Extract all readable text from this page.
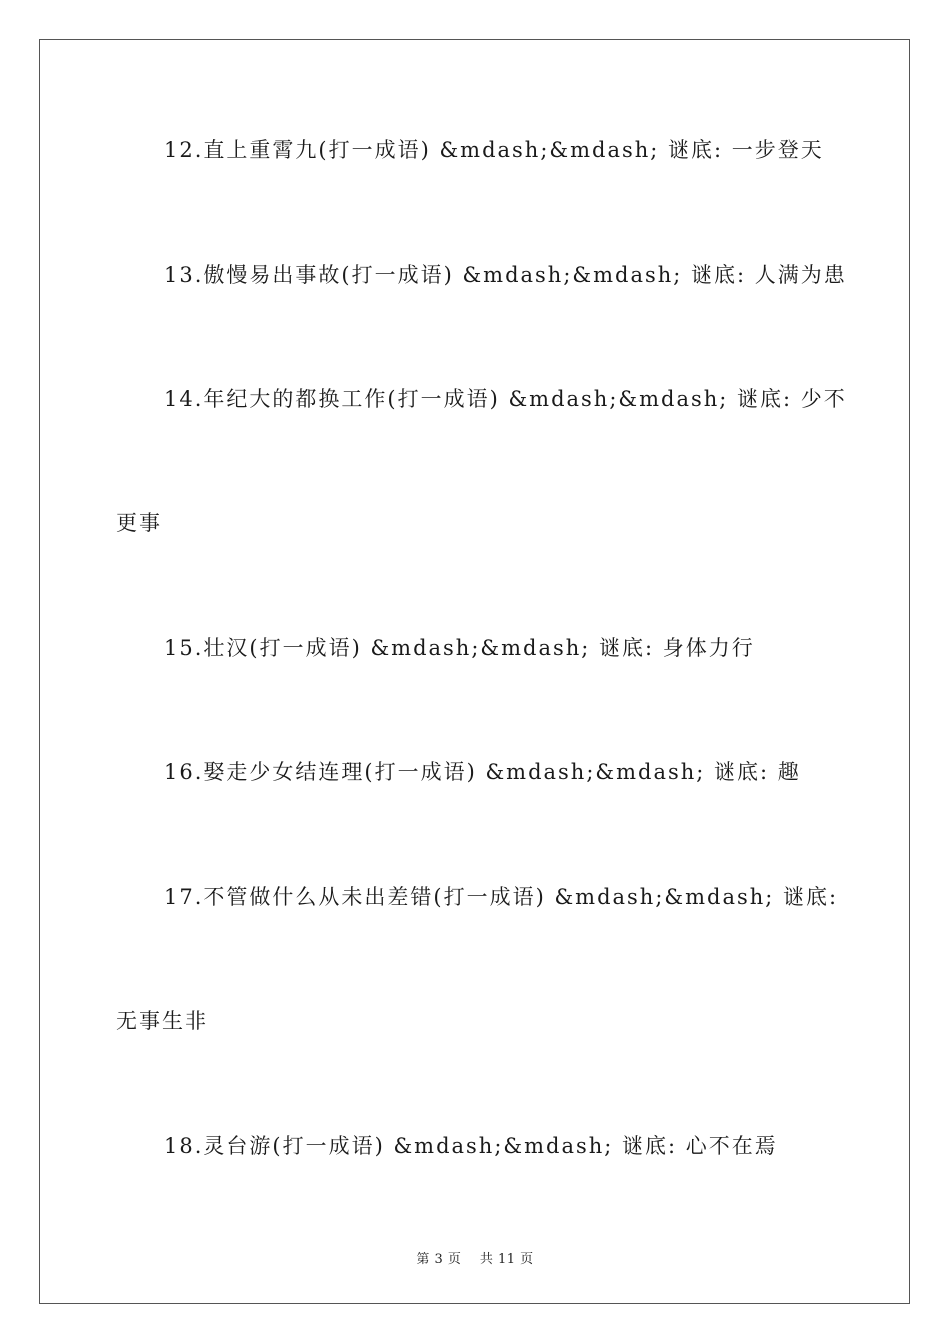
12.直上重霄九(打一成语) &mdash;&mdash; 谜底: 一步登天
13.傲慢易出事故(打一成语) &mdash;&mdash; 谜底: 人满为患
14.年纪大的都换工作(打一成语) &mdash;&mdash; 谜底: 少不
更事
15.壮汉(打一成语) &mdash;&mdash; 谜底: 身体力行
16.娶走少女结连理(打一成语) &mdash;&mdash; 谜底: 趣
17.不管做什么从未出差错(打一成语) &mdash;&mdash; 谜底:
无事生非
18.灵台游(打一成语) &mdash;&mdash; 谜底: 心不在焉
第 3 页    共 11 页
